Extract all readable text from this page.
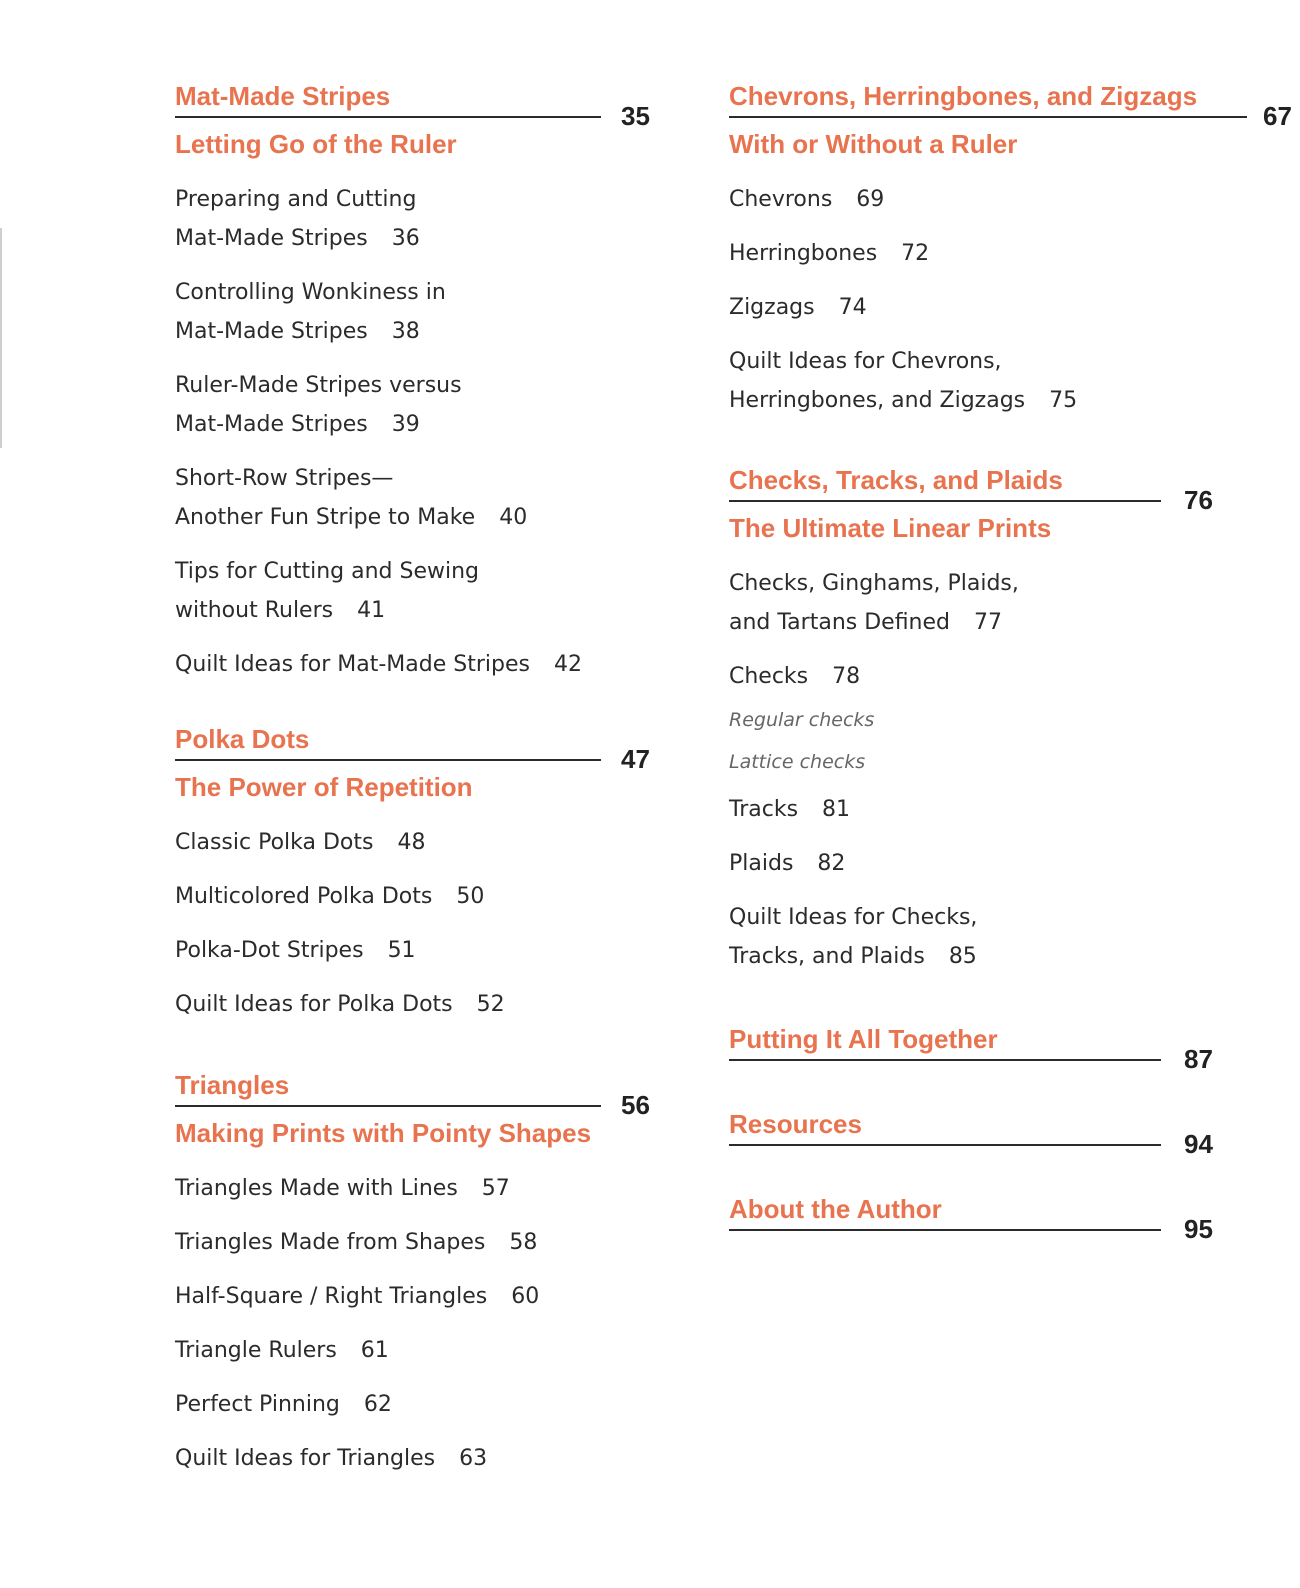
Mat-Made Stripes
35
Letting Go of the Ruler
Preparing and Cutting
Mat-Made Stripes 36
Controlling Wonkiness in
Mat-Made Stripes 38
Ruler-Made Stripes versus
Mat-Made Stripes 39
Short-Row Stripes—
Another Fun Stripe to Make 40
Tips for Cutting and Sewing
without Rulers 41
Quilt Ideas for Mat-Made Stripes 42
Polka Dots
47
The Power of Repetition
Classic Polka Dots 48
Multicolored Polka Dots 50
Polka-Dot Stripes 51
Quilt Ideas for Polka Dots 52
Triangles
56
Making Prints with Pointy Shapes
Triangles Made with Lines 57
Triangles Made from Shapes 58
Half-Square / Right Triangles 60
Triangle Rulers 61
Perfect Pinning 62
Quilt Ideas for Triangles 63
Chevrons, Herringbones, and Zigzags
67
With or Without a Ruler
Chevrons 69
Herringbones 72
Zigzags 74
Quilt Ideas for Chevrons,
Herringbones, and Zigzags 75
Checks, Tracks, and Plaids
76
The Ultimate Linear Prints
Checks, Ginghams, Plaids,
and Tartans Defined 77
Checks 78
Regular checks
Lattice checks
Tracks 81
Plaids 82
Quilt Ideas for Checks,
Tracks, and Plaids 85
Putting It All Together
87
Resources
94
About the Author
95
